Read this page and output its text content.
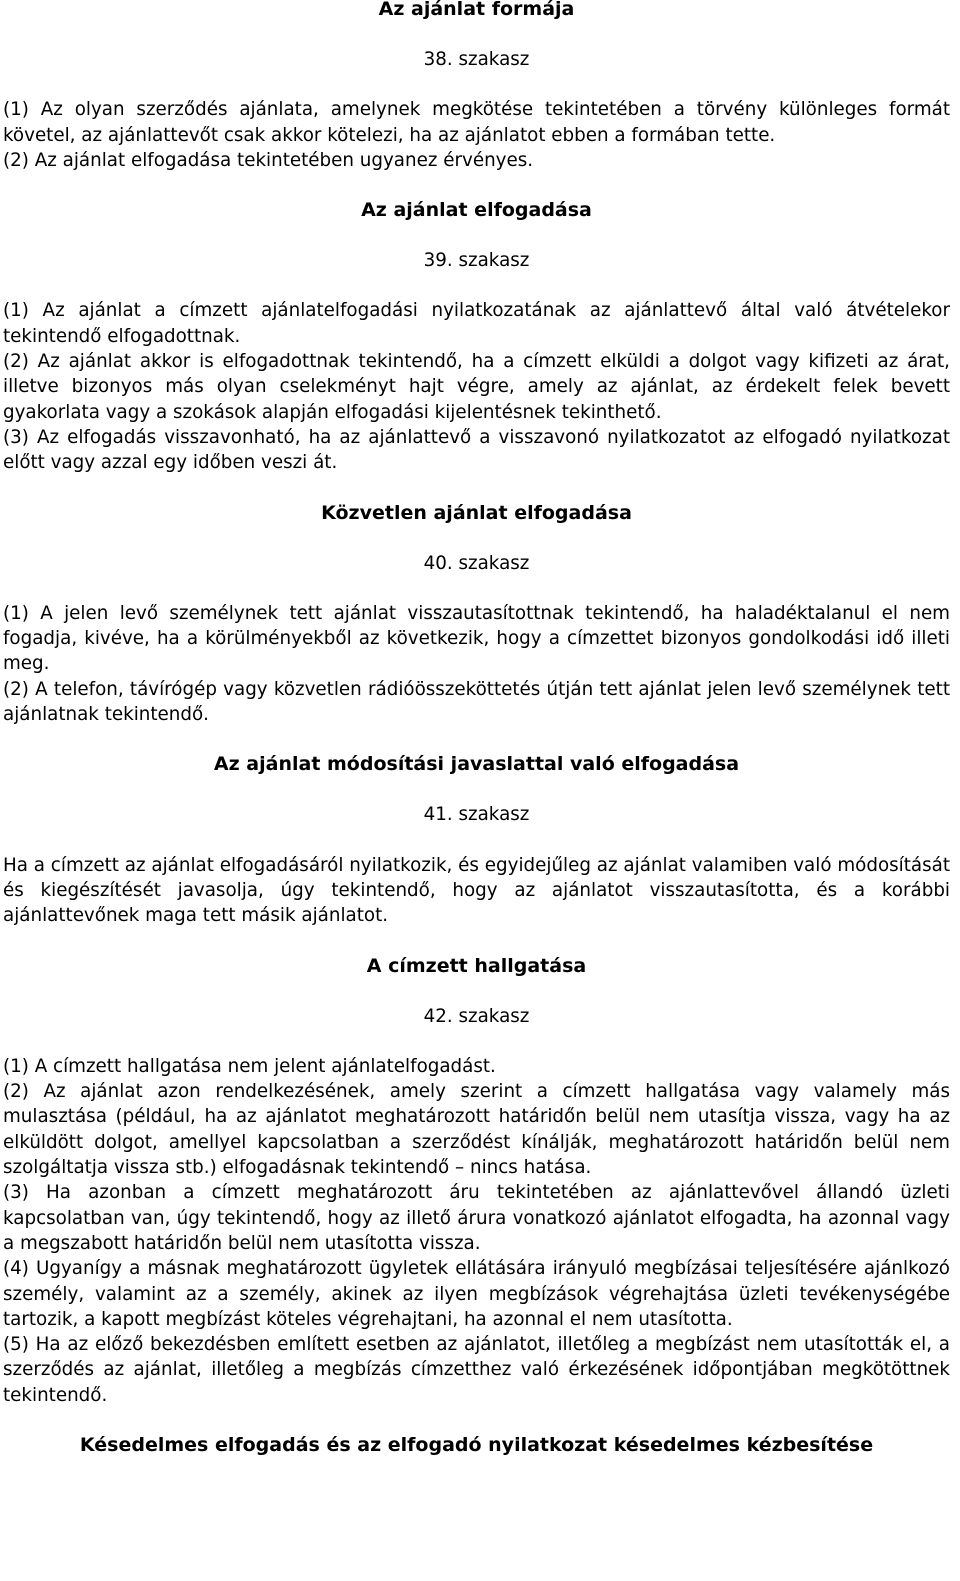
Az ajánlat formája

38. szakasz

(1) Az olyan szerződés ajánlata, amelynek megkötése tekintetében a törvény különleges formát követel, az ajánlattevőt csak akkor kötelezi, ha az ajánlatot ebben a formában tette.

(2) Az ajánlat elfogadása tekintetében ugyanez érvényes.

Az ajánlat elfogadása

39. szakasz

(1) Az ajánlat a címzett ajánlatelfogadási nyilatkozatának az ajánlattevő által való átvételekor tekintendő elfogadottnak.

(2) Az ajánlat akkor is elfogadottnak tekintendő, ha a címzett elküldi a dolgot vagy kifizeti az árat, illetve bizonyos más olyan cselekményt hajt végre, amely az ajánlat, az érdekelt felek bevett gyakorlata vagy a szokások alapján elfogadási kijelentésnek tekinthető.

(3) Az elfogadás visszavonható, ha az ajánlattevő a visszavonó nyilatkozatot az elfogadó nyilatkozat előtt vagy azzal egy időben veszi át.

Közvetlen ajánlat elfogadása

40. szakasz

(1) A jelen levő személynek tett ajánlat visszautasítottnak tekintendő, ha haladéktalanul el nem fogadja, kivéve, ha a körülményekből az következik, hogy a címzettet bizonyos gondolkodási idő illeti meg.

(2) A telefon, távírógép vagy közvetlen rádióösszeköttetés útján tett ajánlat jelen levő személynek tett ajánlatnak tekintendő.

Az ajánlat módosítási javaslattal való elfogadása

41. szakasz

Ha a címzett az ajánlat elfogadásáról nyilatkozik, és egyidejűleg az ajánlat valamiben való módosítását és kiegészítését javasolja, úgy tekintendő, hogy az ajánlatot visszautasította, és a korábbi ajánlattevőnek maga tett másik ajánlatot.

A címzett hallgatása

42. szakasz

(1) A címzett hallgatása nem jelent ajánlatelfogadást.

(2) Az ajánlat azon rendelkezésének, amely szerint a címzett hallgatása vagy valamely más mulasztása (például, ha az ajánlatot meghatározott határidőn belül nem utasítja vissza, vagy ha az elküldött dolgot, amellyel kapcsolatban a szerződést kínálják, meghatározott határidőn belül nem szolgáltatja vissza stb.) elfogadásnak tekintendő – nincs hatása.

(3) Ha azonban a címzett meghatározott áru tekintetében az ajánlattevővel állandó üzleti kapcsolatban van, úgy tekintendő, hogy az illető árura vonatkozó ajánlatot elfogadta, ha azonnal vagy a megszabott határidőn belül nem utasította vissza.

(4) Ugyanígy a másnak meghatározott ügyletek ellátására irányuló megbízásai teljesítésére ajánlkozó személy, valamint az a személy, akinek az ilyen megbízások végrehajtása üzleti tevékenységébe tartozik, a kapott megbízást köteles végrehajtani, ha azonnal el nem utasította.

(5) Ha az előző bekezdésben említett esetben az ajánlatot, illetőleg a megbízást nem utasították el, a szerződés az ajánlat, illetőleg a megbízás címzetthez való érkezésének időpontjában megkötöttnek tekintendő.

Késedelmes elfogadás és az elfogadó nyilatkozat késedelmes kézbesítése
